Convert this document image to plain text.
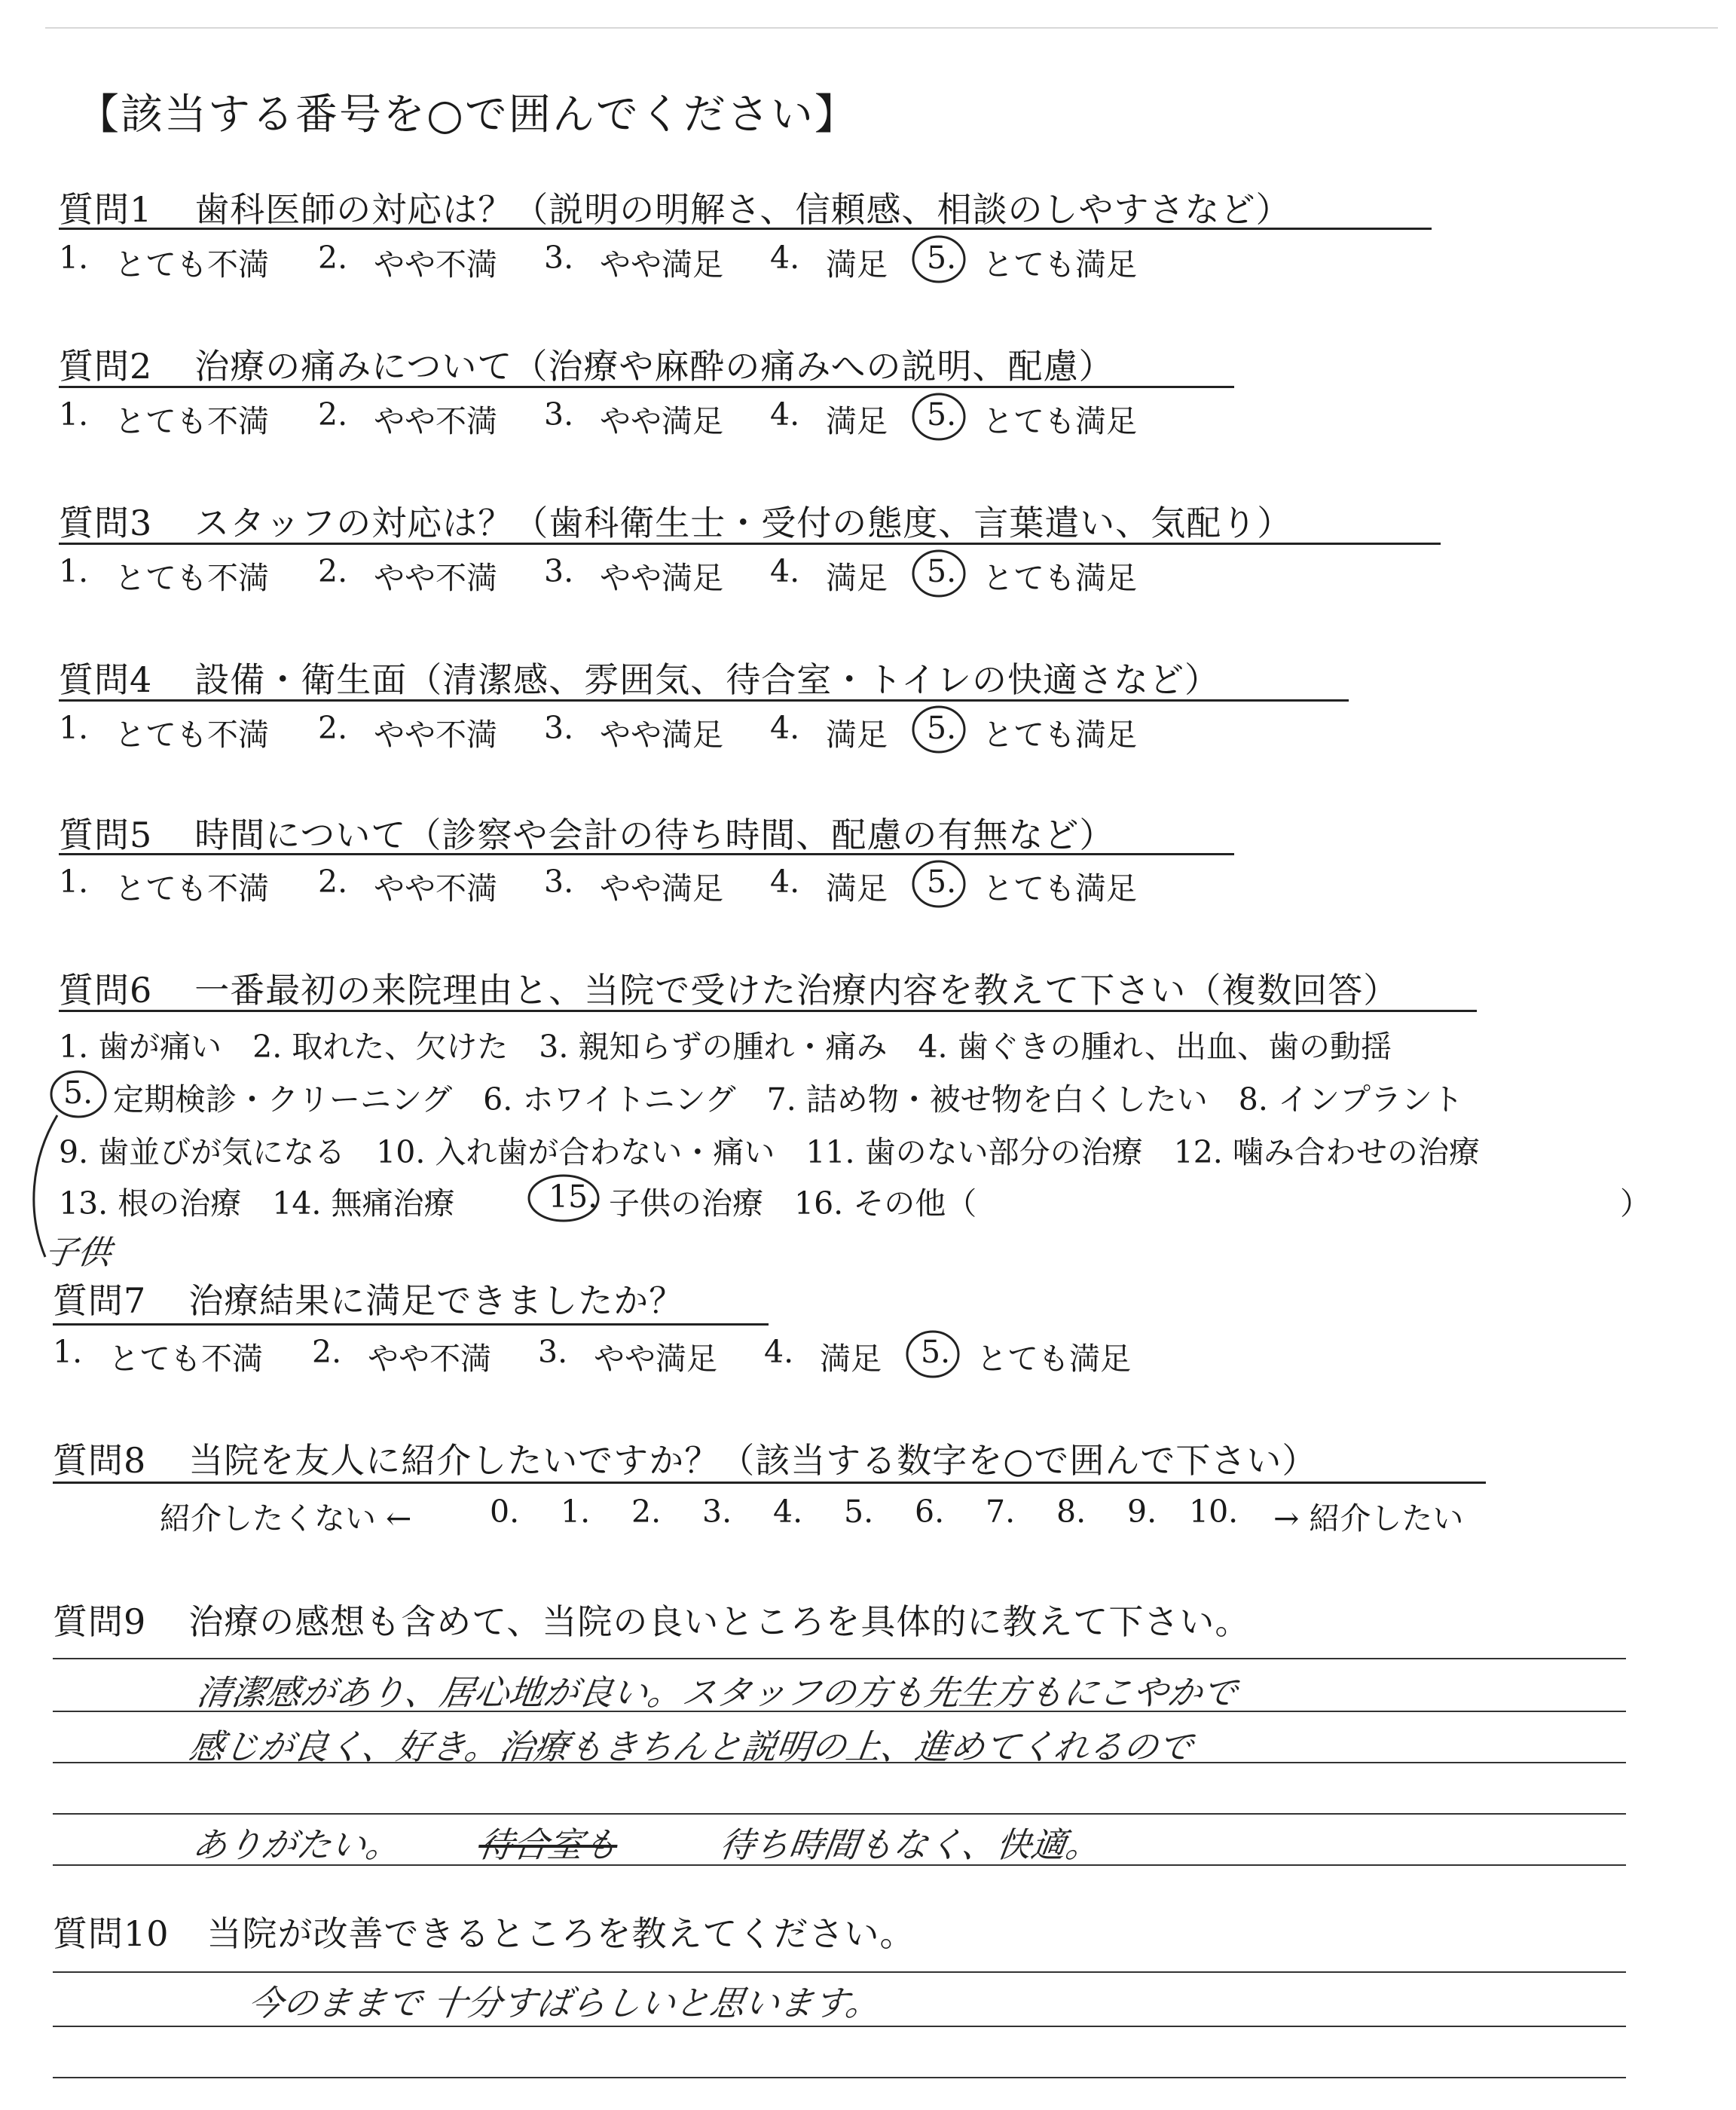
【該当する番号を○で囲んでください】
質問1 歯科医師の対応は？（説明の明解さ、信頼感、相談のしやすさなど）
1. とても不満 2. やや不満 3. やや満足 4. 満足 5. とても満足
質問2 治療の痛みについて（治療や麻酔の痛みへの説明、配慮）
1. とても不満 2. やや不満 3. やや満足 4. 満足 5. とても満足
質問3 スタッフの対応は？（歯科衛生士・受付の態度、言葉遣い、気配り）
1. とても不満 2. やや不満 3. やや満足 4. 満足 5. とても満足
質問4 設備・衛生面（清潔感、雰囲気、待合室・トイレの快適さなど）
1. とても不満 2. やや不満 3. やや満足 4. 満足 5. とても満足
質問5 時間について（診察や会計の待ち時間、配慮の有無など）
1. とても不満 2. やや不満 3. やや満足 4. 満足 5. とても満足
質問6 一番最初の来院理由と、当院で受けた治療内容を教えて下さい（複数回答）
1. 歯が痛い　2. 取れた、欠けた　3. 親知らずの腫れ・痛み　4. 歯ぐきの腫れ、出血、歯の動揺
5. 定期検診・クリーニング　6. ホワイトニング　7. 詰め物・被せ物を白くしたい　8. インプラント
9. 歯並びが気になる　10. 入れ歯が合わない・痛い　11. 歯のない部分の治療　12. 噛み合わせの治療
13. 根の治療　14. 無痛治療	15. 子供の治療　16. その他（	）
子供
質問7 治療結果に満足できましたか？
1. とても不満 2. やや不満 3. やや満足 4. 満足 5. とても満足
質問8 当院を友人に紹介したいですか？（該当する数字を○で囲んで下さい）
紹介したくない ←	0. 1. 2. 3. 4. 5. 6. 7. 8. 9. 10. → 紹介したい
質問9 治療の感想も含めて、当院の良いところを具体的に教えて下さい。
清潔感があり、居心地が良い。スタッフの方も先生方もにこやかで
感じが良く、好き。治療もきちんと説明の上、進めてくれるので
ありがたい。 待合室も	待ち時間もなく、快適。
質問10 当院が改善できるところを教えてください。
今のままで 十分すばらしいと思います。
